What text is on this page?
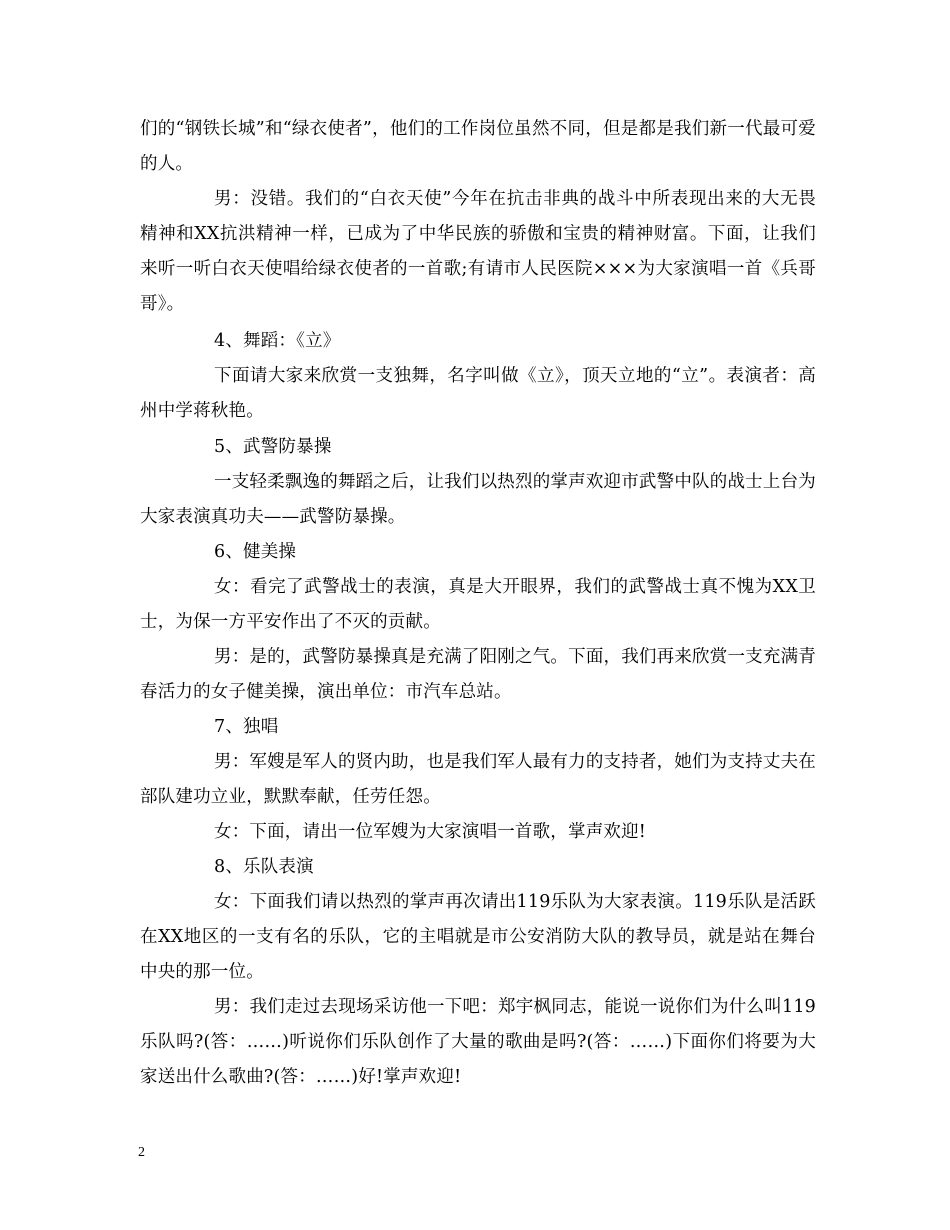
们的“钢铁长城”和“绿衣使者”，他们的工作岗位虽然不同，但是都是我们新一代最可爱的人。

男：没错。我们的“白衣天使”今年在抗击非典的战斗中所表现出来的大无畏精神和XX抗洪精神一样，已成为了中华民族的骄傲和宝贵的精神财富。下面，让我们来听一听白衣天使唱给绿衣使者的一首歌;有请市人民医院×××为大家演唱一首《兵哥哥》。

4、舞蹈：《立》

下面请大家来欣赏一支独舞，名字叫做《立》，顶天立地的“立”。表演者：高州中学蒋秋艳。

5、武警防暴操

一支轻柔飘逸的舞蹈之后，让我们以热烈的掌声欢迎市武警中队的战士上台为大家表演真功夫——武警防暴操。

6、健美操

女：看完了武警战士的表演，真是大开眼界，我们的武警战士真不愧为XX卫士，为保一方平安作出了不灭的贡献。

男：是的，武警防暴操真是充满了阳刚之气。下面，我们再来欣赏一支充满青春活力的女子健美操，演出单位：市汽车总站。

7、独唱

男：军嫂是军人的贤内助，也是我们军人最有力的支持者，她们为支持丈夫在部队建功立业，默默奉献，任劳任怨。

女：下面，请出一位军嫂为大家演唱一首歌，掌声欢迎!

8、乐队表演

女：下面我们请以热烈的掌声再次请出119乐队为大家表演。119乐队是活跃在XX地区的一支有名的乐队，它的主唱就是市公安消防大队的教导员，就是站在舞台中央的那一位。

男：我们走过去现场采访他一下吧：郑宇枫同志，能说一说你们为什么叫119乐队吗?(答：……)听说你们乐队创作了大量的歌曲是吗?(答：……)下面你们将要为大家送出什么歌曲?(答：……)好!掌声欢迎!

2
